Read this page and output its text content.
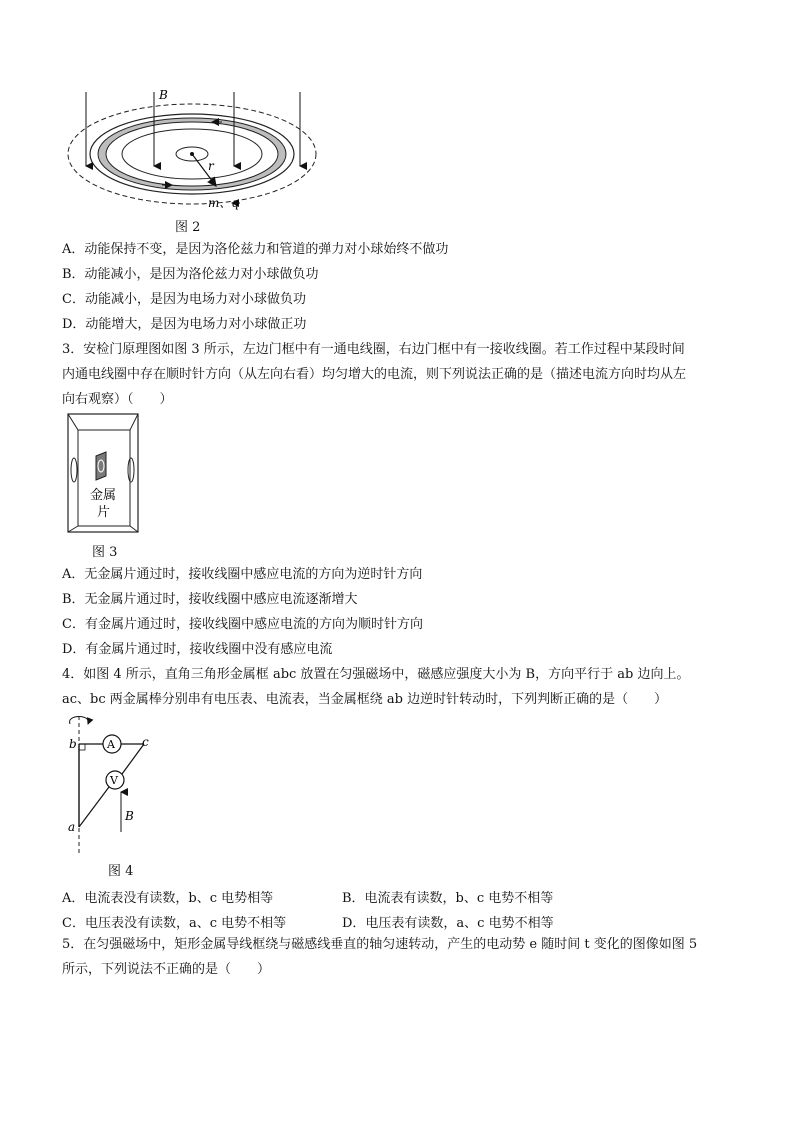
B
r
m、q
图 2
A．动能保持不变，是因为洛伦兹力和管道的弹力对小球始终不做功
B．动能减小，是因为洛伦兹力对小球做负功
C．动能减小，是因为电场力对小球做负功
D．动能增大，是因为电场力对小球做正功
3．安检门原理图如图 3 所示，左边门框中有一通电线圈，右边门框中有一接收线圈。若工作过程中某段时间
内通电线圈中存在顺时针方向（从左向右看）均匀增大的电流，则下列说法正确的是（描述电流方向时均从左
向右观察）（　　）
金属
片
图 3
A．无金属片通过时，接收线圈中感应电流的方向为逆时针方向
B．无金属片通过时，接收线圈中感应电流逐渐增大
C．有金属片通过时，接收线圈中感应电流的方向为顺时针方向
D．有金属片通过时，接收线圈中没有感应电流
4．如图 4 所示，直角三角形金属框 abc 放置在匀强磁场中，磁感应强度大小为 B，方向平行于 ab 边向上。
ac、bc 两金属棒分别串有电压表、电流表，当金属框绕 ab 边逆时针转动时，下列判断正确的是（　　）
A
V
b	c
a
B
图 4
A．电流表没有读数，b、c 电势相等	B．电流表有读数，b、c 电势不相等
C．电压表没有读数，a、c 电势不相等	D．电压表有读数，a、c 电势不相等
5．在匀强磁场中，矩形金属导线框绕与磁感线垂直的轴匀速转动，产生的电动势 e 随时间 t 变化的图像如图 5
所示，下列说法不正确的是（　　）
